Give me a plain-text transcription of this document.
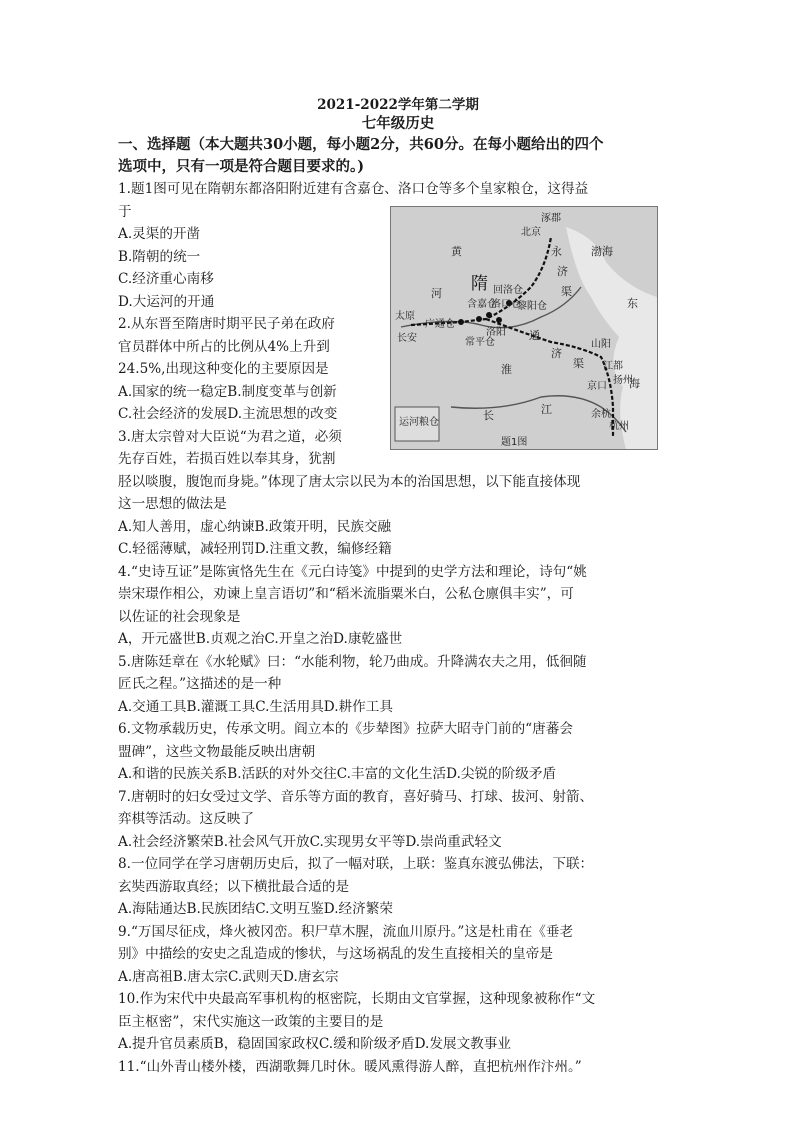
2021-2022学年第二学期
七年级历史
一、选择题（本大题共30小题，每小题2分，共60分。在每小题给出的四个
选项中，只有一项是符合题目要求的。)
1.题1图可见在隋朝东都洛阳附近建有含嘉仓、洛口仓等多个皇家粮仓，这得益
于
A.灵渠的开凿
B.隋朝的统一
C.经济重心南移
D.大运河的开通
2.从东晋至隋唐时期平民子弟在政府
官员群体中所占的比例从4%上升到
24.5%,出现这种变化的主要原因是
A.国家的统一稳定B.制度变革与创新
C.社会经济的发展D.主流思想的改变
3.唐太宗曾对大臣说“为君之道，必须
先存百姓，若损百姓以奉其身，犹割
胫以啖腹，腹饱而身毙。”体现了唐太宗以民为本的治国思想，以下能直接体现
这一思想的做法是
A.知人善用，虚心纳谏B.政策开明，民族交融
C.轻徭薄赋，减轻刑罚D.注重文教，编修经籍
4.“史诗互证”是陈寅恪先生在《元白诗笺》中提到的史学方法和理论，诗句“姚
崇宋璟作相公，劝谏上皇言语切”和“稻米流脂粟米白，公私仓廪俱丰实”，可
以佐证的社会现象是
A，开元盛世B.贞观之治C.开皇之治D.康乾盛世
5.唐陈廷章在《水轮赋》曰：“水能利物，轮乃曲成。升降满农夫之用，低徊随
匠氏之程。”这描述的是一种
A.交通工具B.灌溉工具C.生活用具D.耕作工具
6.文物承载历史，传承文明。阎立本的《步辇图》拉萨大昭寺门前的“唐蕃会
盟碑”，这些文物最能反映出唐朝
A.和谐的民族关系B.活跃的对外交往C.丰富的文化生活D.尖锐的阶级矛盾
7.唐朝时的妇女受过文学、音乐等方面的教育，喜好骑马、打球、拔河、射箭、
弈棋等活动。这反映了
A.社会经济繁荣B.社会风气开放C.实现男女平等D.崇尚重武轻文
8.一位同学在学习唐朝历史后，拟了一幅对联，上联：鉴真东渡弘佛法，下联：
玄奘西游取真经；以下横批最合适的是
A.海陆通达B.民族团结C.文明互鉴D.经济繁荣
9.“万国尽征戍，烽火被冈峦。积尸草木腥，流血川原丹。”这是杜甫在《垂老
别》中描绘的安史之乱造成的惨状，与这场祸乱的发生直接相关的皇帝是
A.唐高祖B.唐太宗C.武则天D.唐玄宗
10.作为宋代中央最高军事机构的枢密院，长期由文官掌握，这种现象被称作“文
臣主枢密”，宋代实施这一政策的主要目的是
A.提升官员素质B，稳固国家政权C.缓和阶级矛盾D.发展文教事业
11.“山外青山楼外楼，西湖歌舞几时休。暖风熏得游人醉，直把杭州作汴州。”
隋
涿郡
北京
渤海
黄
河
东
海
永
济
渠
通
济
渠
洛阳
太原
长安
含嘉仓
洛口仓
回洛仓
黎阳仓
广通仓
常平仓	山阳
江都
扬州
京口
余杭
杭州
淮
长	江
运河粮仓
题1图
